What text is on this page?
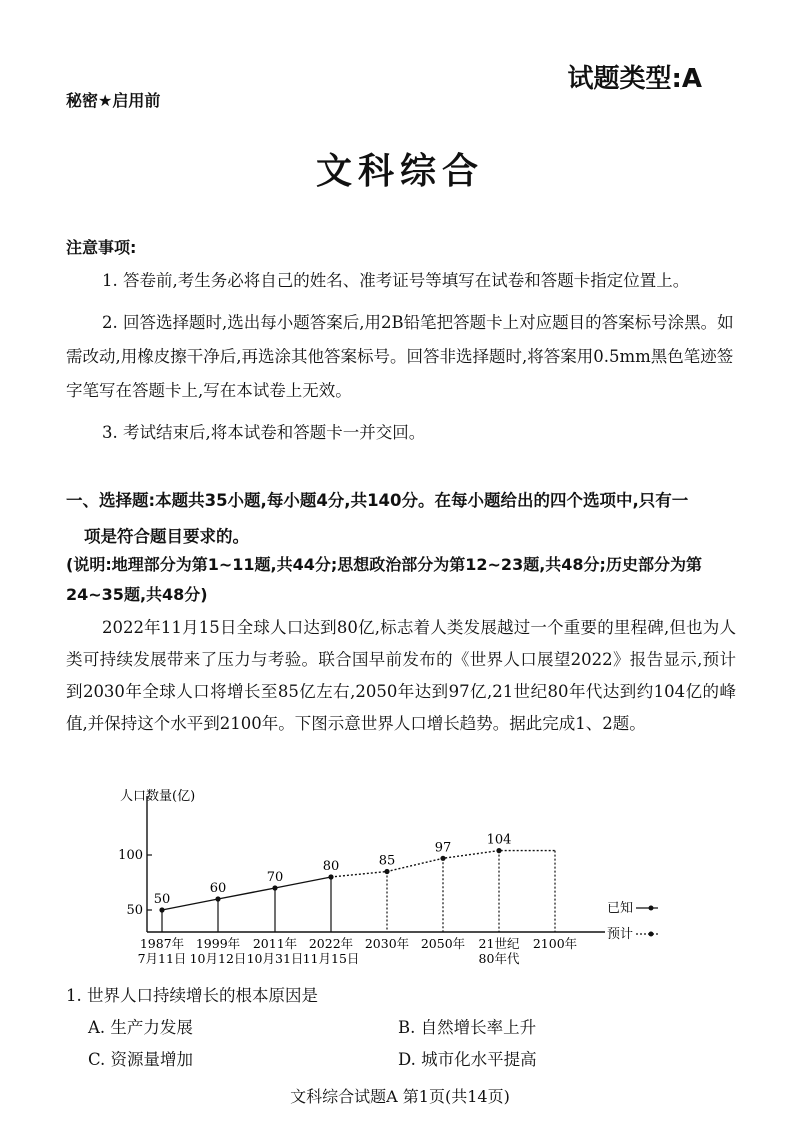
试题类型:A
秘密★启用前
文科综合
注意事项:
1. 答卷前,考生务必将自己的姓名、准考证号等填写在试卷和答题卡指定位置上。
2. 回答选择题时,选出每小题答案后,用2B铅笔把答题卡上对应题目的答案标号涂黑。如需改动,用橡皮擦干净后,再选涂其他答案标号。回答非选择题时,将答案用0.5mm黑色笔迹签字笔写在答题卡上,写在本试卷上无效。
3. 考试结束后,将本试卷和答题卡一并交回。
一、选择题:本题共35小题,每小题4分,共140分。在每小题给出的四个选项中,只有一
项是符合题目要求的。
(说明:地理部分为第1~11题,共44分;思想政治部分为第12~23题,共48分;历史部分为第24~35题,共48分)
2022年11月15日全球人口达到80亿,标志着人类发展越过一个重要的里程碑,但也为人类可持续发展带来了压力与考验。联合国早前发布的《世界人口展望2022》报告显示,预计到2030年全球人口将增长至85亿左右,2050年达到97亿,21世纪80年代达到约104亿的峰值,并保持这个水平到2100年。下图示意世界人口增长趋势。据此完成1、2题。
人口数量(亿)
100
50
50
60
70
80	85
97
104
1987年
7月11日
1999年
10月12日
2011年
10月31日
2022年
11月15日
2030年 2050年 21世纪
80年代
2100年
已知
预计
1. 世界人口持续增长的根本原因是
A. 生产力发展	B. 自然增长率上升
C. 资源量增加	D. 城市化水平提高
文科综合试题A 第1页(共14页)
